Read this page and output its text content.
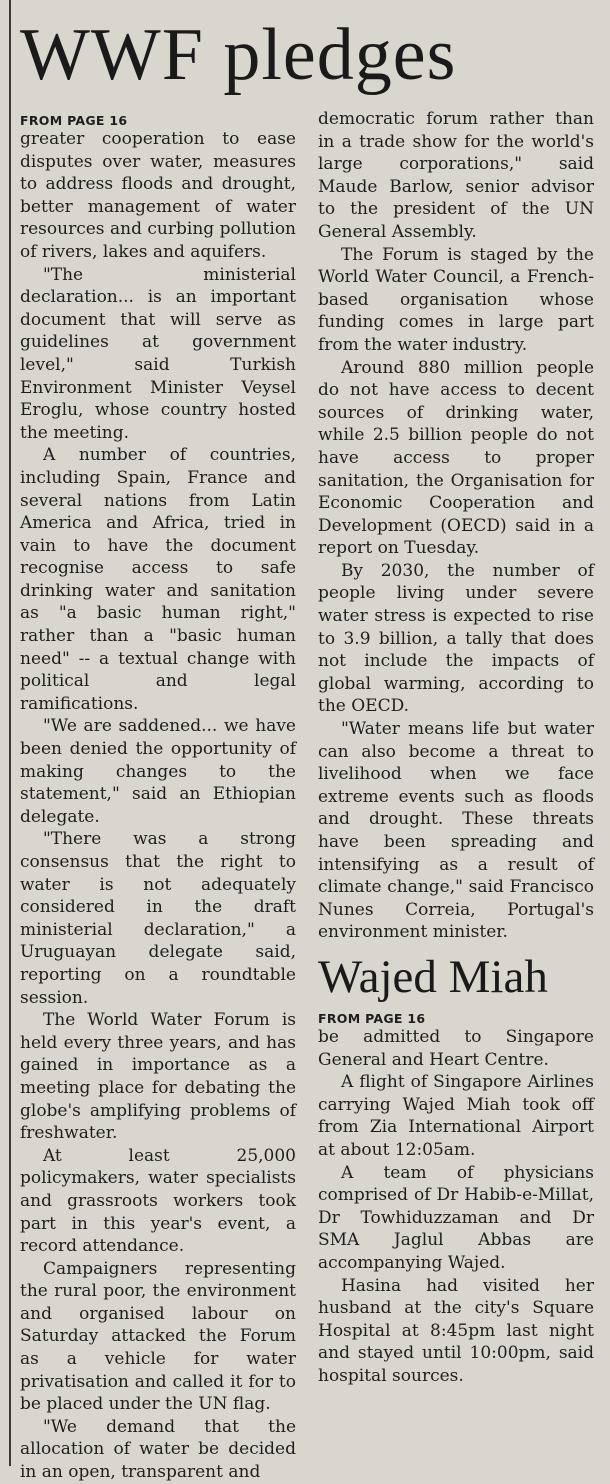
WWF pledges
FROM PAGE 16

greater cooperation to ease disputes over water, measures to address floods and drought, better management of water resources and curbing pollution of rivers, lakes and aquifers.

"The ministerial declaration... is an important document that will serve as guidelines at government level," said Turkish Environment Minister Veysel Eroglu, whose country hosted the meeting.

A number of countries, including Spain, France and several nations from Latin America and Africa, tried in vain to have the document recognise access to safe drinking water and sanitation as "a basic human right," rather than a "basic human need" -- a textual change with political and legal ramifications.

"We are saddened... we have been denied the opportunity of making changes to the statement," said an Ethiopian delegate.

"There was a strong consensus that the right to water is not adequately considered in the draft ministerial declaration," a Uruguayan delegate said, reporting on a roundtable session.

The World Water Forum is held every three years, and has gained in importance as a meeting place for debating the globe's amplifying problems of freshwater.

At least 25,000 policymakers, water specialists and grassroots workers took part in this year's event, a record attendance.

Campaigners representing the rural poor, the environment and organised labour on Saturday attacked the Forum as a vehicle for water privatisation and called it for to be placed under the UN flag.

"We demand that the allocation of water be decided in an open, transparent and

democratic forum rather than in a trade show for the world's large corporations," said Maude Barlow, senior advisor to the president of the UN General Assembly.

The Forum is staged by the World Water Council, a French-based organisation whose funding comes in large part from the water industry.

Around 880 million people do not have access to decent sources of drinking water, while 2.5 billion people do not have access to proper sanitation, the Organisation for Economic Cooperation and Development (OECD) said in a report on Tuesday.

By 2030, the number of people living under severe water stress is expected to rise to 3.9 billion, a tally that does not include the impacts of global warming, according to the OECD.

"Water means life but water can also become a threat to livelihood when we face extreme events such as floods and drought. These threats have been spreading and intensifying as a result of climate change," said Francisco Nunes Correia, Portugal's environment minister.

Wajed Miah
FROM PAGE 16

be admitted to Singapore General and Heart Centre.

A flight of Singapore Airlines carrying Wajed Miah took off from Zia International Airport at about 12:05am.

A team of physicians comprised of Dr Habib-e-Millat, Dr Towhiduzzaman and Dr SMA Jaglul Abbas are accompanying Wajed.

Hasina had visited her husband at the city's Square Hospital at 8:45pm last night and stayed until 10:00pm, said hospital sources.
